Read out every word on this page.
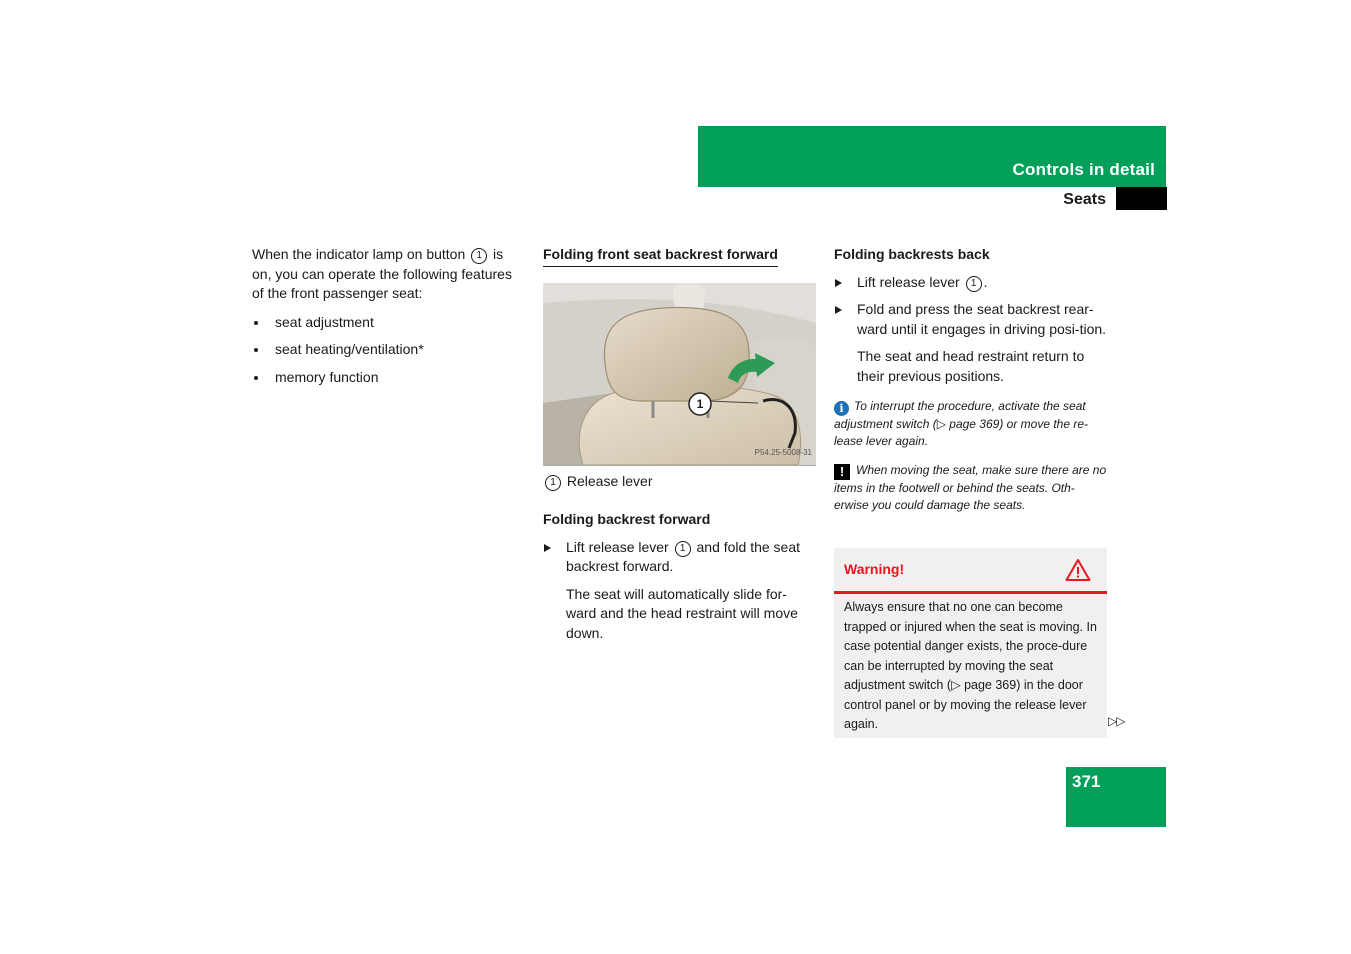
Controls in detail

Seats

When the indicator lamp on button 1 is on, you can operate the following features of the front passenger seat:

seat adjustment
seat heating/ventilation*
memory function
Folding front seat backrest forward
1
P54.25-5008-31

1 Release lever

Folding backrest forward
Lift release lever 1 and fold the seat backrest forward.

The seat will automatically slide for-ward and the head restraint will move down.

Folding backrests back
Lift release lever 1 .
Fold and press the seat backrest rear-ward until it engages in driving posi-tion.

The seat and head restraint return to their previous positions.

i To interrupt the procedure, activate the seat adjustment switch (▷ page 369) or move the re-lease lever again.

! When moving the seat, make sure there are no items in the footwell or behind the seats. Oth-erwise you could damage the seats.

Warning!

Always ensure that no one can become trapped or injured when the seat is moving. In case potential danger exists, the proce-dure can be interrupted by moving the seat adjustment switch (▷ page 369) in the door control panel or by moving the release lever again.	▷▷
371
